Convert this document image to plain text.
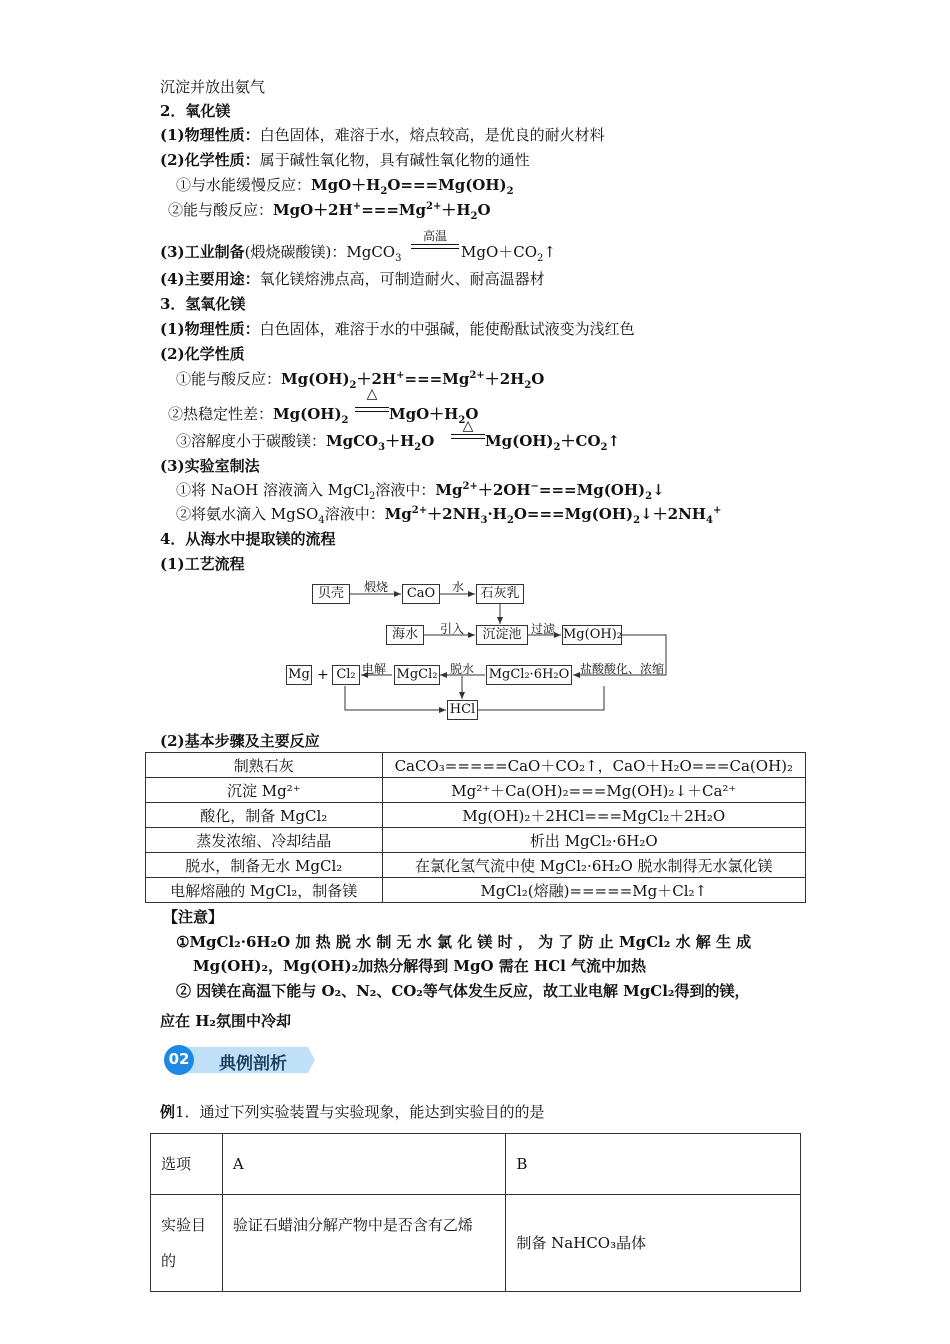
沉淀并放出氨气
2．氧化镁
(1)物理性质：白色固体，难溶于水，熔点较高，是优良的耐火材料
(2)化学性质：属于碱性氧化物，具有碱性氧化物的通性
①与水能缓慢反应：$MgO+H_2O===Mg(OH)_2$
②能与酸反应：$MgO+2H^+===Mg^{2+}+H_2O$
(3)工业制备(煅烧碳酸镁)：MgCO$_3$
高温
$MgO+CO_2↑$
(4)主要用途：氧化镁熔沸点高，可制造耐火、耐高温器材
3．氢氧化镁
(1)物理性质：白色固体，难溶于水的中强碱，能使酚酞试液变为浅红色
(2)化学性质
①能与酸反应：$Mg(OH)_2+2H^+===Mg^{2+}+2H_2O$
②热稳定性差：$Mg(OH)_2$
△
$MgO+H_2O$
③溶解度小于碳酸镁：$MgCO_3+H_2O$
△
$Mg(OH)_2+CO_2↑$
(3)实验室制法
①将 NaOH 溶液滴入 MgCl$_2$溶液中：$Mg^{2+}+2OH^-===Mg(OH)_2↓$
②将氨水滴入 MgSO$_4$溶液中：$Mg^{2+}+2NH_3\cdot H_2O===Mg(OH)_2↓+2NH_4^+$
4．从海水中提取镁的流程
(1)工艺流程
贝壳	煅烧	CaO	水	石灰乳
海水	引入	沉淀池 过滤 Mg(OH)₂
盐酸酸化、浓缩
MgCl₂·6H₂O
脱水
MgCl₂
电解
Cl₂
+
Mg
HCl
(2)基本步骤及主要反应
制熟石灰	CaCO₃=====CaO＋CO₂↑，CaO＋H₂O===Ca(OH)₂
沉淀 Mg²⁺	Mg²⁺＋Ca(OH)₂===Mg(OH)₂↓＋Ca²⁺
酸化，制备 MgCl₂	Mg(OH)₂＋2HCl===MgCl₂＋2H₂O
蒸发浓缩、冷却结晶	析出 MgCl₂·6H₂O
脱水，制备无水 MgCl₂	在氯化氢气流中使 MgCl₂·6H₂O 脱水制得无水氯化镁
电解熔融的 MgCl₂，制备镁	MgCl₂(熔融)=====Mg＋Cl₂↑
【注意】
①MgCl₂·6H₂O 加 热 脱 水 制 无 水 氯 化 镁 时 ， 为 了 防 止 MgCl₂ 水 解 生 成
Mg(OH)₂，Mg(OH)₂加热分解得到 MgO 需在 HCl 气流中加热
② 因镁在高温下能与 O₂、N₂、CO₂等气体发生反应，故工业电解 MgCl₂得到的镁，
应在 H₂氛围中冷却
02 典例剖析
例1．通过下列实验装置与实验现象，能达到实验目的的是
选项	A	B
实验目的	验证石蜡油分解产物中是否含有乙烯	制备 NaHCO₃晶体
